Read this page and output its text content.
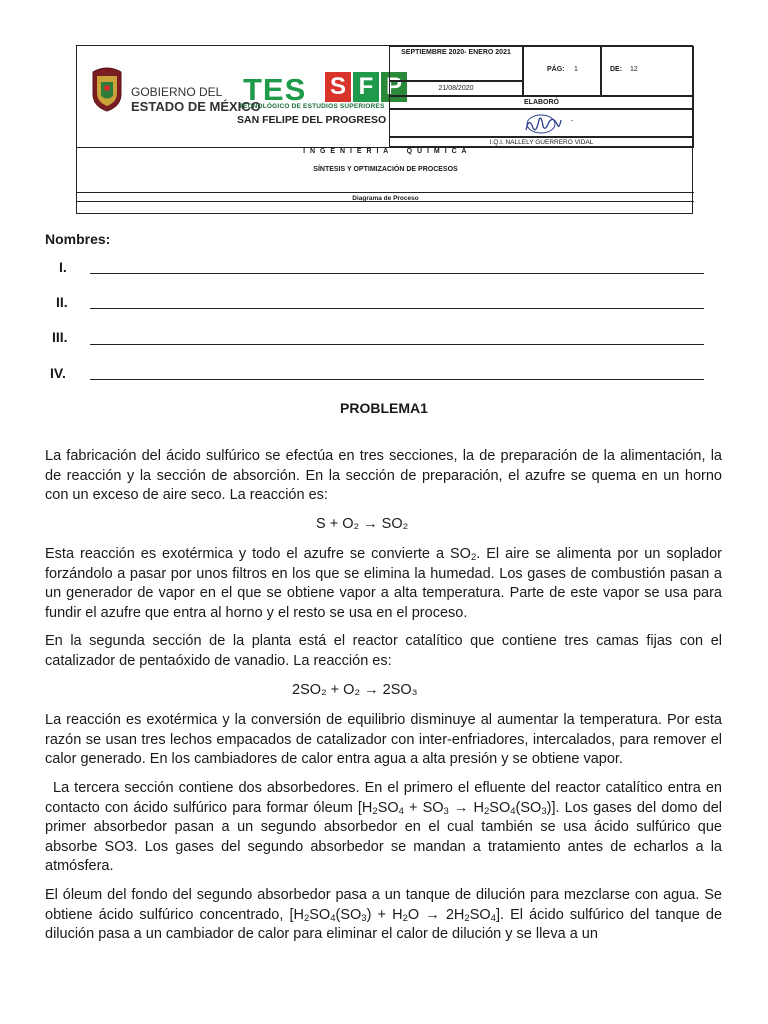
GOBIERNO DEL
ESTADO DE MÉXICO
TES S F P
TECNOLÓGICO DE ESTUDIOS SUPERIORES
SAN FELIPE DEL PROGRESO
SEPTIEMBRE 2020- ENERO 2021
PÁG: 1	DE: 12
21/08/2020
ELABORÓ
-
I.Q.I. NALLELY GUERRERO VIDAL
I N G E N I E R I A     Q U I M I C A
SÍNTESIS Y OPTIMIZACIÓN DE PROCESOS
Diagrama de Proceso
Nombres:
I.
II.
III.
IV.
PROBLEMA1
La fabricación del ácido sulfúrico se efectúa en tres secciones, la de preparación de la alimentación, la de reacción y la sección de absorción. En la sección de preparación, el azufre se quema en un horno con un exceso de aire seco. La reacción es:
S + O₂ → SO₂
Esta reacción es exotérmica y todo el azufre se convierte a $SO_2$. El aire se alimenta por un soplador forzándolo a pasar por unos filtros en los que se elimina la humedad. Los gases de combustión pasan a un generador de vapor en el que se obtiene vapor a alta temperatura. Parte de este vapor se usa para fundir el azufre que entra al horno y el resto se usa en el proceso.
En la segunda sección de la planta está el reactor catalítico que contiene tres camas fijas con el catalizador de pentaóxido de vanadio. La reacción es:
2SO₂ + O₂ → 2SO₃
La reacción es exotérmica y la conversión de equilibrio disminuye al aumentar la temperatura. Por esta razón se usan tres lechos empacados de catalizador con inter-enfriadores, intercalados, para remover el calor generado. En los cambiadores de calor entra agua a alta presión y se obtiene vapor.
La tercera sección contiene dos absorbedores. En el primero el efluente del reactor catalítico entra en contacto con ácido sulfúrico para formar óleum $[H_2SO_4 + SO_3 \to H_2SO_4(SO_3)]$. Los gases del domo del primer absorbedor pasan a un segundo absorbedor en el cual también se usa ácido sulfúrico que absorbe SO3. Los gases del segundo absorbedor se mandan a tratamiento antes de echarlos a la atmósfera.
El óleum del fondo del segundo absorbedor pasa a un tanque de dilución para mezclarse con agua. Se obtiene ácido sulfúrico concentrado, $[H_2SO_4(SO_3) + H_2O \to 2H_2SO_4]$. El ácido sulfúrico del tanque de dilución pasa a un cambiador de calor para eliminar el calor de dilución y se lleva a un
